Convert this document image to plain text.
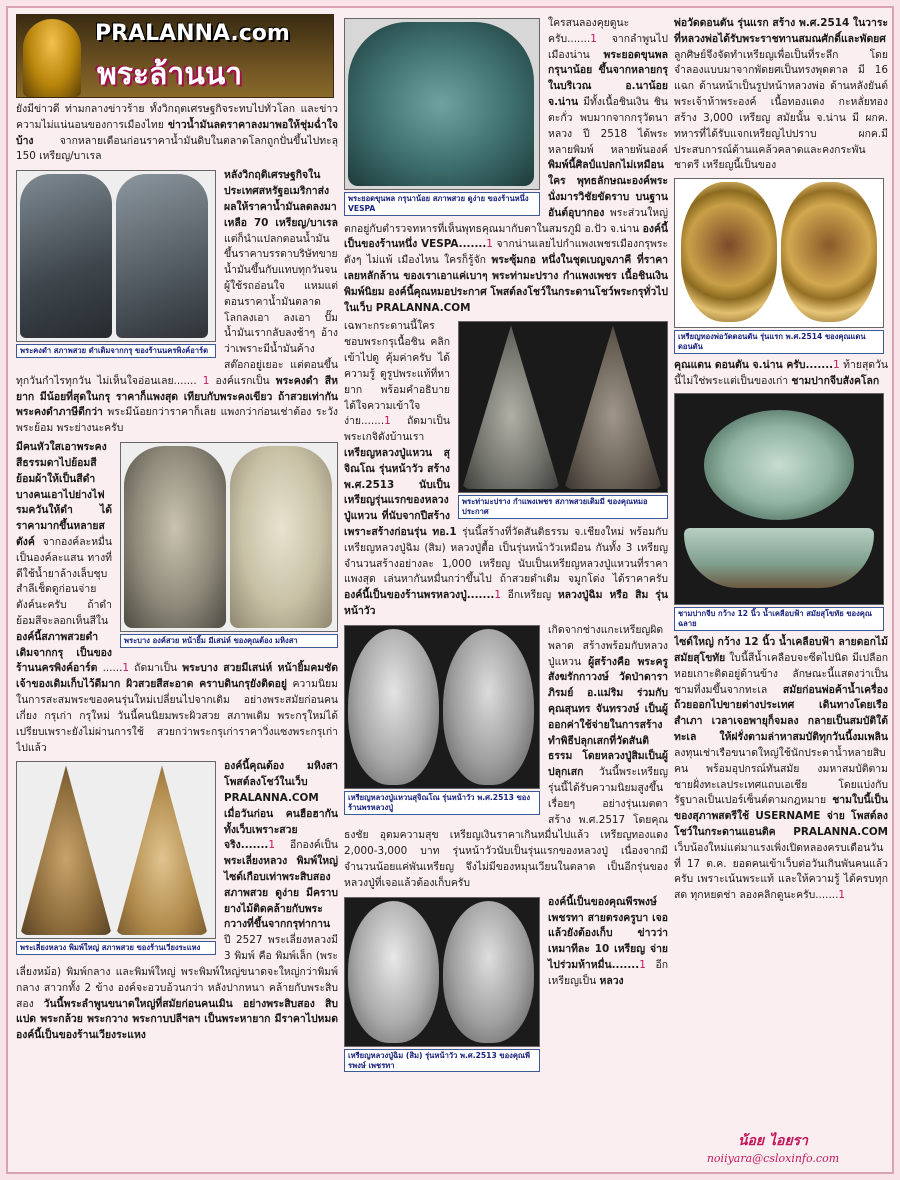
PRALANNA.com
พระล้านนา

ยังมีข่าวดี ท่ามกลางข่าวร้าย ทั้งวิกฤตเศรษฐกิจระทบไปทั่วโลก และข่าวความไม่แน่นอนของการเมืองไทย ข่าวน้ำมันลดราคาลงมาพอให้ชุ่มฉ่ำใจบ้าง	จากหลายเดือนก่อนราคาน้ำมันดิบในตลาดโลกถูกปั่นขึ้นไปทะลุ 150 เหรียญ/บาเรล

พระคงดำ สภาพสวย ดำเดิมจากกรุ ของร้านนครพิงค์อาร์ต

หลังวิกฤติเศรษฐกิจในประเทศสหรัฐอเมริกาส่งผลให้ราคาน้ำมันลดลงมาเหลือ 70 เหรียญ/บาเรล แต่ก็นำแปลกตอนน้ำมันขึ้นราคาบรรดาบริษัทขายน้ำมันขึ้นกับแทบทุกวันจนผู้ใช้รถอ่อนใจ แหมแต่ตอนราคาน้ำมันตลาดโลกลงเอา ลงเอา ปั๊มน้ำมันเรากลับลงช้าๆ อ้างว่าเพราะมีน้ำมันค้างสต๊อกอยู่เยอะ แต่ตอนขึ้นทุกวันกำไรทุกวัน ไม่เห็นใจอ่อนเลย....... 1 องค์แรกเป็น พระคงดำ สีหยาก มีน้อยที่สุดในกรุ ราคาก็แพงสุด เทียบกับพระคงเขียว ถ้าสวยเท่ากัน พระคงดำภาษีดีกว่า พระมีน้อยกว่าราคาก็เลย แพงกว่าก่อนเช่าต้อง ระวังพระย้อม พระย่างนะครับ

พระบาง องค์สวย หน้ายิ้ม มีเสน่ห์ ของคุณต้อง มหิงสา

มีคนหัวใสเอาพระคงสีธรรมดาไปย้อมสีย้อมผ้าให้เป็นสีดำ บางคนเอาไปย่างไฟรมควันให้ดำ ได้ราคามากขึ้นหลายสตังค์ จากองค์ละหมื่นเป็นองค์ละแสน ทางที่ดีใช้น้ำยาล้างเล็บชุบสำลีเช็ดดูก่อนจ่ายตังค์นะครับ ถ้าดำย้อมสีจะลอกเห็นสีใน องค์นี้สภาพสวยดำเดิมจากกรุ เป็นของร้านนครพิงค์อาร์ต ......1 ถัดมาเป็น พระบาง สวยมีเสน่ห์ หน้ายิ้มคมชัด เจ้าของเดิมเก็บไว้ดีมาก ผิวสวยสีสะอาด คราบดินกรุยังติดอยู่ ความนิยมในการสะสมพระของคนรุ่นใหม่เปลี่ยนไปจากเดิม อย่างพระสมัยก่อนคนเกี่ยง กรุเก่า กรุใหม่ วันนี้คนนิยมพระผิวสวย สภาพเดิม พระกรุใหม่ได้เปรียบเพราะยังไม่ผ่านการใช้ สวยกว่าพระกรุเก่าราคาวิ่งแซงพระกรุเก่าไปแล้ว

พระเลี่ยงหลวง พิมพ์ใหญ่ สภาพสวย ของร้านเวียงระแหง

องค์นี้คุณต้อง มหิงสา โพสต์ลงโชว์ในเว็บ PRALANNA.COM เมื่อวันก่อน คนฮือฮากันทั้งเว็บเพราะสวยจริง.......1 อีกองค์เป็น พระเลี่ยงหลวง พิมพ์ใหญ่ ไซด์เกือบเท่าพระสิบสอง สภาพสวย ดูง่าย มีคราบยางไม้ติดคล้ายกับพระกวางที่ขึ้นจากกรุท่ากาน ปี 2527 พระเลี่ยงหลวงมี 3 พิมพ์ คือ พิมพ์เล็ก (พระเลี่ยงหม้อ) พิมพ์กลาง และพิมพ์ใหญ่ พระพิมพ์ใหญ่ขนาดจะใหญ่กว่าพิมพ์กลาง สาวกทั้ง 2 ข้าง องค์จะอวบอ้วนกว่า หลังปากหนา คล้ายกับพระสิบสอง วันนี้พระลำพูนขนาดใหญ่ที่สมัยก่อนคนเมิน อย่างพระสิบสอง สิบแปด พระกล้วย พระกวาง พระกาบปลีฯลฯ เป็นพระหายาก มีราคาไปหมด องค์นี้เป็นของร้านเวียงระแหง

พระยอดขุนพล กรุนาน้อย สภาพสวย ดูง่าย ของร้านหนึ่ง VESPA

ใครสนลองคุยดูนะครับ.......1 จากลำพูนไปเมืองน่าน พระยอดขุนพลกรุนาน้อย ขึ้นจากหลายกรุในบริเวณ อ.นาน้อย จ.น่าน มีทั้งเนื้อชินเงิน ชินตะกั่ว พบมากจากกรุวัดนาหลวง ปี 2518 ได้พระหลายพิมพ์ หลายพ้นองค์ พิมพ์นี้ศิลป์แปลกไม่เหมือนใคร พุทธลักษณะองค์พระนั่งมารวิชัยขัดราบ บนฐานอันต์อุบากอง พระส่วนใหญ่ตกอยู่กับตำรวจทหารที่เห็นพุทธคุณมากับตาในสมรภูมิ อ.ปัว จ.น่าน องค์นี้เป็นของร้านหนึ่ง VESPA.......1 จากน่านเลยไปกำแพงเพชรเมืองกรุพระดังๆ ไม่แพ้ เมืองไหน ใครก็รู้จัก พระซุ้มกอ หนึ่งในชุดเบญจภาคี ที่ราคาเลยหลักล้าน ของเราเอาแค่เบาๆ พระท่ามะปราง กำแพงเพชร เนื้อชินเงิน พิมพ์นิยม องค์นี้คุณหมอประกาศ โพสต์ลงโชว์ในกระดานโชว์พระกรุทั่วไป ในเว็บ PRALANNA.COM

พระท่ามะปราง กำแพงเพชร สภาพสวยเดิมมี ของคุณหมอประกาศ

เฉพาะกระดานนี้ใครชอบพระกรุเนื้อชิน คลิกเข้าไปดู คุ้มค่าครับ ได้ความรู้ ดูรูปพระแท้ที่หายาก พร้อมคำอธิบายได้ใจความเข้าใจง่าย.......1 ถัดมาเป็นพระเกจิดังบ้านเรา เหรียญหลวงปู่แหวน สุจิณโณ รุ่นหน้าวัว สร้าง พ.ศ.2513 นับเป็นเหรียญรุ่นแรกของหลวงปู่แหวน ที่นับจากปีสร้าง เพราะสร้างก่อนรุ่น ทอ.1 รุ่นนี้สร้างที่วัดสันติธรรม จ.เชียงใหม่ พร้อมกับเหรียญหลวงปู่ฉิม (สิม) หลวงปู่ตื้อ เป็นรุ่นหน้าวัวเหมือน กันทั้ง 3 เหรียญ จำนวนสร้างอย่างละ 1,000 เหรียญ นับเป็นเหรียญหลวงปู่แหวนที่ราคาแพงสุด เล่นหากันหมื่นกว่าขึ้นไป ถ้าสวยดำเดิม จมูกโด่ง ได้ราคาครับ องค์นี้เป็นของร้านพรหลวงปู่.......1 อีกเหรียญ หลวงปู่ฉิม หรือ สิม รุ่นหน้าวัว

เหรียญหลวงปู่แหวนสุจิณโณ รุ่นหน้าวัว พ.ศ.2513 ของร้านพรหลวงปู่

เกิดจากช่างแกะเหรียญผิดพลาด สร้างพร้อมกับหลวงปู่แหวน ผู้สร้างคือ พระครูสังฆรักกาวงษ์ วัดป่าดาราภิรมย์ อ.แม่ริม ร่วมกับ คุณสุนทร จันทรวงษ์ เป็นผู้ออกค่าใช้จ่ายในการสร้าง ทำพิธีปลุกเสกที่วัดสันติธรรม โดยหลวงปู่สิมเป็นผู้ปลุกเสก วันนี้พระเหรียญรุ่นนี้ได้รับความนิยมสูงขึ้นเรื่อยๆ อย่างรุ่นเมตตา สร้าง พ.ศ.2517 โดยคุณธงชัย อุดมความสุข เหรียญเงินราคาเกินหมื่นไปแล้ว เหรียญทองแดง 2,000-3,000 บาท รุ่นหน้าวัวนับเป็นรุ่นแรกของหลวงปู่ เนื่องจากมีจำนวนน้อยแค่พันเหรียญ จึงไม่มีของหมุนเวียนในตลาด เป็นอีกรุ่นของหลวงปู่ที่เจอแล้วต้องเก็บครับ

เหรียญหลวงปู่ฉิม (สิม) รุ่นหน้าวัว พ.ศ.2513 ของคุณพีรพงษ์ เพชรทา

องค์นี้เป็นของคุณพีรพงษ์ เพชรทา สายตรงครูบา เจอแล้วยังต้องเก็บ ข่าวว่าเหมาทีละ 10 เหรียญ จ่ายไปร่วมห้าหมื่น.......1 อีกเหรียญเป็น หลวง

พ่อวัดดอนตัน รุ่นแรก สร้าง พ.ศ.2514 ในวาระที่หลวงพ่อได้รับพระราชทานสมณศักดิ์และพัดยศ ลูกศิษย์จึงจัดทำเหรียญเพื่อเป็นที่ระลึก โดยจำลองแบบมาจากพัดยศเป็นทรงพุดตาล มี 16 แฉก ด้านหน้าเป็นรูปหน้าหลวงพ่อ ด้านหลังยันต์พระเจ้าห้าพระองค์ เนื้อทองแดง กะหลั่ยทองสร้าง 3,000 เหรียญ สมัยนั้น จ.น่าน มี ผกค. ทหารที่ได้รับแจกเหรียญไปปราบ ผกค.มีประสบการณ์ด้านแคล้วคลาดและคงกระพันชาตรี เหรียญนี้เป็นของ

เหรียญทองพ่อวัดดอนตัน รุ่นแรก พ.ศ.2514 ของคุณแดน ดอนตัน

คุณแดน ดอนตัน จ.น่าน ครับ.......1 ท้ายสุดวันนี้ไม่ใช่พระแต่เป็นของเก่า ชามปากจีบสังคโลก

ชามปากจีบ กว้าง 12 นิ้ว น้ำเคลือบฟ้า สมัยสุโขทัย ของคุณฉลาย

ไซด์ใหญ่ กว้าง 12 นิ้ว น้ำเคลือบฟ้า ลายดอกไม้ สมัยสุโขทัย ใบนี้สีน้ำเคลือบจะซีดไปนิด มีเปลือกหอยเกาะติดอยู่ด้านข้าง ลักษณะนี้แสดงว่าเป็นชามที่งมขึ้นจากทะเล สมัยก่อนพ่อค้าน้ำเครื่องถ้วยออกไปขายต่างประเทศ เดินทางโดยเรือสำเภา เวลาเจอพายุก็จมลง กลายเป็นสมบัติใต้ทะเล ให้ฝรั่งตามล่าหาสมบัติทุกวันนี้งมเพลิน ลงทุนเช่าเรือขนาดใหญ่ใช้นักประดาน้ำหลายสิบคน พร้อมอุปกรณ์ทันสมัย งมหาสมบัติตามชายฝั่งทะเลประเทศแถบเอเชีย โดยแบ่งกับรัฐบาลเป็นเปอร์เซ็นต์ตามกฎหมาย ชามใบนี้เป็นของสุภาพสตรีใช้ USERNAME จ่าย โพสต์ลงโชว์ในกระดานแอนติค PRALANNA.COM เว็บน้องใหม่แต่มาแรงเพิ่งเปิดหลองครบเดือนวันที่ 17 ต.ค. ยอดคนเข้าเว็บต่อวันเกินพันคนแล้วครับ เพราะเน้นพระแท้ และให้ความรู้ ได้ครบทุกสด ทุกหยดช่า ลองคลิกดูนะครับ.......1

น้อย ไอยรา
noiiyara@csloxinfo.com
